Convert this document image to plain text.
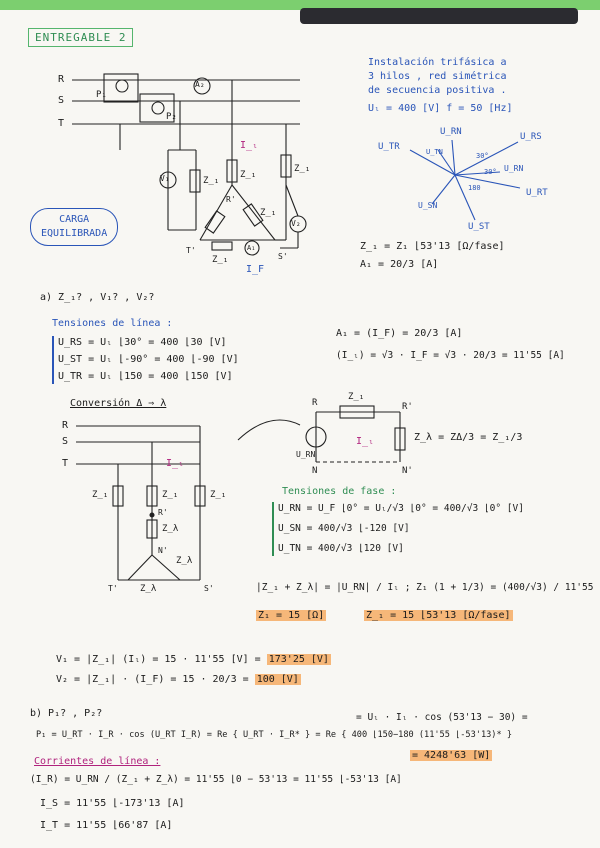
ENTREGABLE 2
Instalación trifásica a
3 hilos , red simétrica
de secuencia positiva .
Uₗ = 400 [V] f = 50 [Hz]
R
S
T
P₁
P₂
A₂
V₁
V₂
Z̲₁
Z̲₁
Z̲₁
Z̲₁
Z̲₁
I̲ₗ
I̲F
R'
S'
T'	A₁
U̲RN	U̲RS
U̲TR
U̲RN
U̲RT
U̲SN
U̲ST
U̲TN	30°
30°
180
CARGA
EQUILIBRADA
Z̲₁ = Z₁ ⌊53'13 [Ω/fase]
A₁ = 20/3 [A]
a) Z̲₁? , V₁? , V₂?
Tensiones de línea :
U̲RS = Uₗ ⌊30° = 400 ⌊30 [V]
U̲ST = Uₗ ⌊-90° = 400 ⌊-90 [V]
U̲TR = Uₗ ⌊150 = 400 ⌊150 [V]
A₁ = (I̲F) = 20/3 [A]
(I̲ₗ) = √3 · I̲F = √3 · 20/3 = 11'55 [A]
Conversión Δ ⇒ λ
R
S
T	I̲ₗ
Z̲₁	Z̲₁	Z̲₁
Z̲λ
Z̲λ
Z̲λ
R'
N'
T'	S'
R	R'
Z̲₁
U̲RN
N	N'
I̲ₗ	Z̲λ = ZΔ/3 = Z̲₁/3
Tensiones de fase :
U̲RN = U̲F ⌊0° = Uₗ/√3 ⌊0° = 400/√3 ⌊0° [V]
U̲SN = 400/√3 ⌊-120 [V]
U̲TN = 400/√3 ⌊120 [V]
|Z̲₁ + Z̲λ| = |U̲RN| / Iₗ ; Z₁ (1 + 1/3) = (400/√3) / 11'55
Z₁ = 15 [Ω]	Z̲₁ = 15 ⌊53'13 [Ω/fase]
V₁ = |Z̲₁| (Iₗ) = 15 · 11'55 [V] = 173'25 [V]
V₂ = |Z̲₁| · (I̲F) = 15 · 20/3 = 100 [V]
b) P₁? , P₂?	= Uₗ · Iₗ · cos (53'13 − 30) =
P₁ = U̲RT · I̲R · cos (U̲RT I̲R) = Re { U̲RT · I̲R* } = Re { 400 ⌊150−180 (11'55 ⌊-53'13)* }
= 4248'63 [W]
Corrientes de línea :
(I̲R) = U̲RN / (Z̲₁ + Z̲λ) = 11'55 ⌊0 − 53'13 = 11'55 ⌊-53'13 [A]
I̲S = 11'55 ⌊-173'13 [A]
I̲T = 11'55 ⌊66'87 [A]
